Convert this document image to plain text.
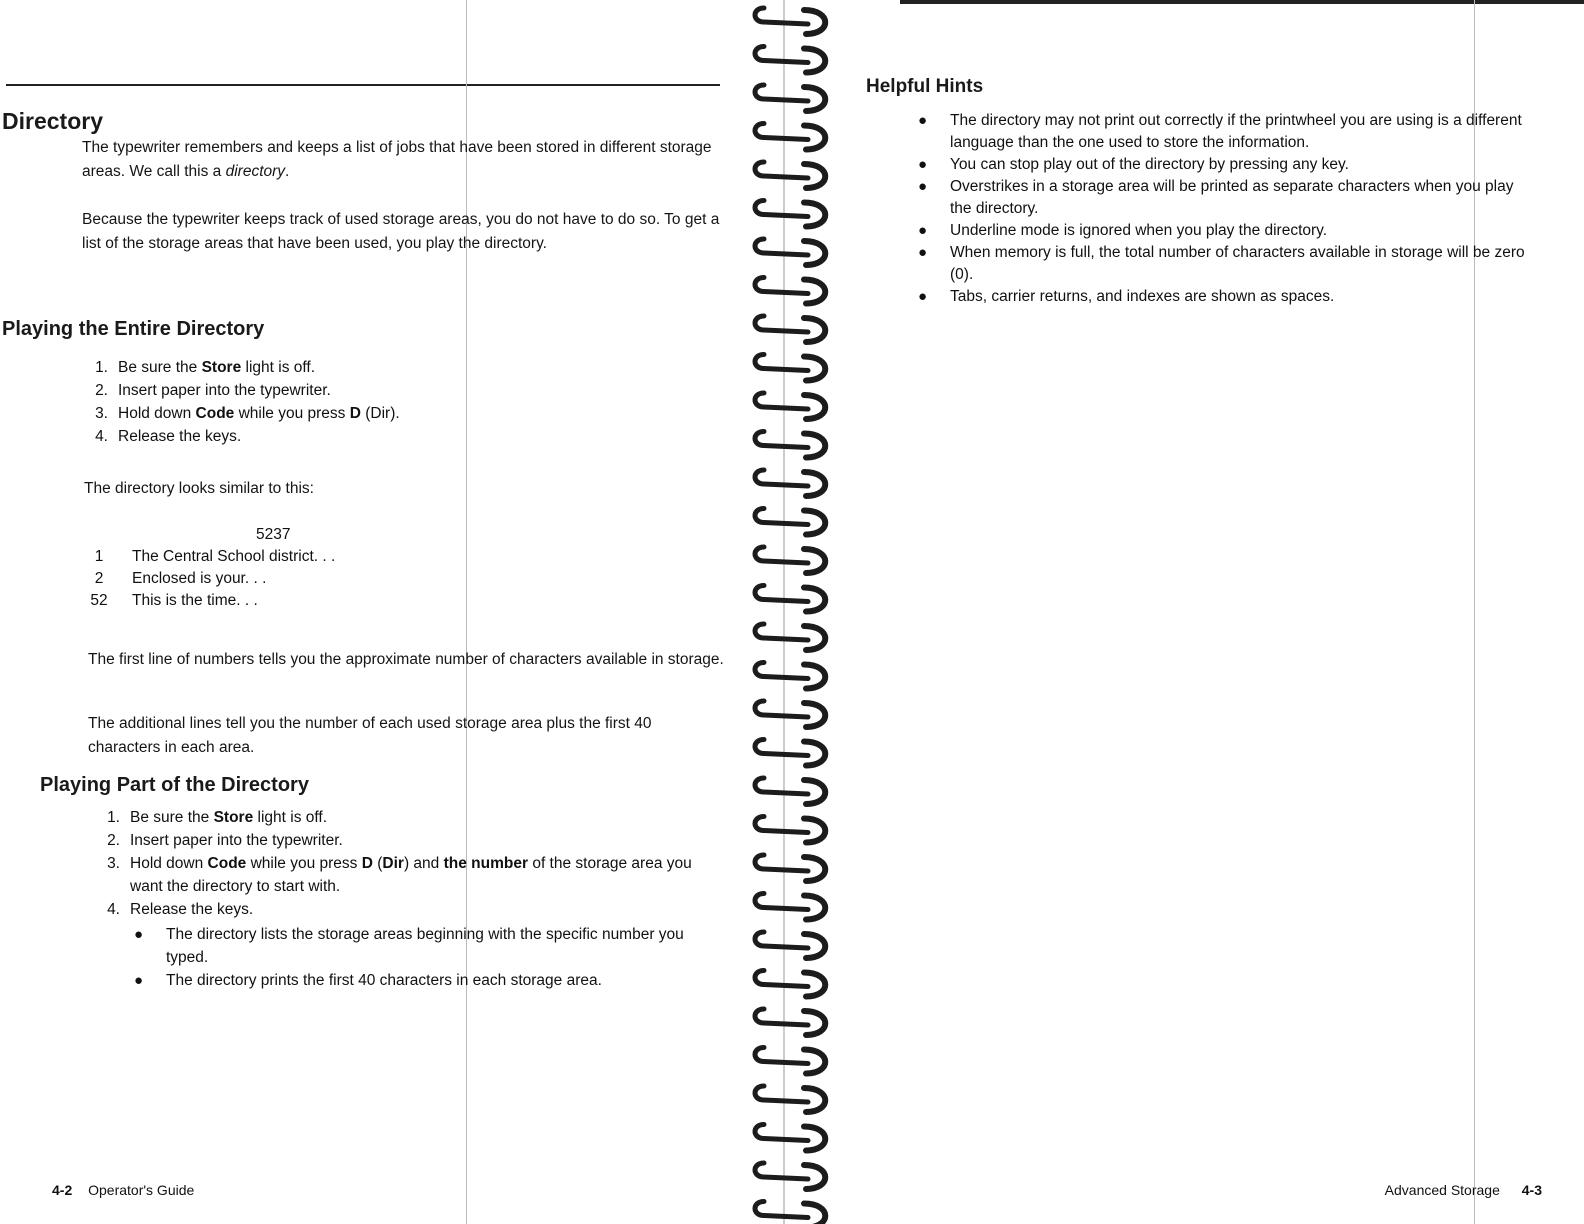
Directory

The typewriter remembers and keeps a list of jobs that have been stored in different storage areas. We call this a directory.

Because the typewriter keeps track of used storage areas, you do not have to do so. To get a list of the storage areas that have been used, you play the directory.

Playing the Entire Directory
1. Be sure the Store light is off.
2. Insert paper into the typewriter.
3. Hold down Code while you press D (Dir).
4. Release the keys.

The directory looks similar to this:

5237
1	The Central School district. . .
2	Enclosed is your. . .
52	This is the time. . .

The first line of numbers tells you the approximate number of characters available in storage.

The additional lines tell you the number of each used storage area plus the first 40 characters in each area.

Playing Part of the Directory
1. Be sure the Store light is off.
2. Insert paper into the typewriter.
3. Hold down Code while you press D (Dir) and the number of the storage area you want the directory to start with.
4. Release the keys.
● The directory lists the storage areas beginning with the specific number you typed.
● The directory prints the first 40 characters in each storage area.
4-2 Operator's Guide
Helpful Hints
● The directory may not print out correctly if the printwheel you are using is a different language than the one used to store the information.
● You can stop play out of the directory by pressing any key.
● Overstrikes in a storage area will be printed as separate characters when you play the directory.
● Underline mode is ignored when you play the directory.
● When memory is full, the total number of characters available in storage will be zero (0).
● Tabs, carrier returns, and indexes are shown as spaces.
Advanced Storage 4-3
